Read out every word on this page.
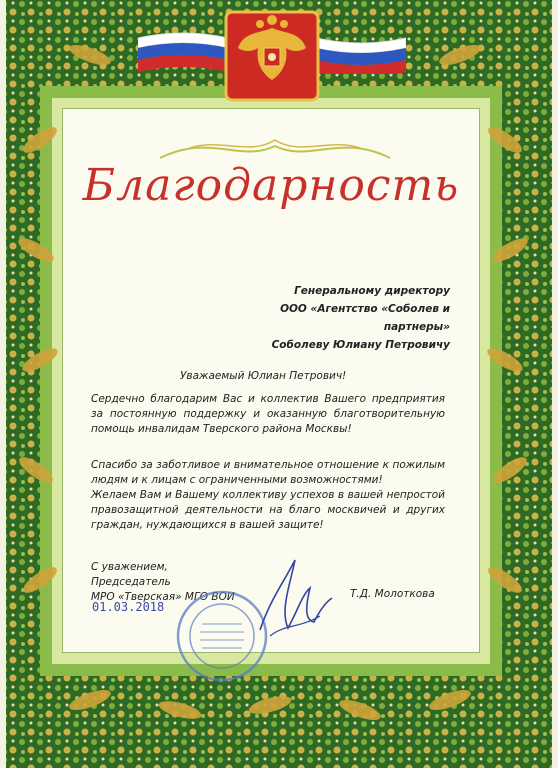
Благодарность
Генеральному директору
ООО «Агентство «Соболев и партнеры»
Соболеву Юлиану Петровичу
Уважаемый Юлиан Петрович!
Сердечно благодарим Вас и коллектив Вашего предприятия за постоянную поддержку и оказанную благотворительную помощь инвалидам Тверского района Москвы!
Спасибо за заботливое и внимательное отношение к пожилым людям и к лицам с ограниченными возможностями!
Желаем Вам и Вашему коллективу успехов в вашей непростой правозащитной деятельности на благо москвичей и других граждан, нуждающихся в вашей защите!
С уважением,
Председатель
МРО «Тверская» МГО ВОИ	Т.Д. Молоткова
01.03.2018
